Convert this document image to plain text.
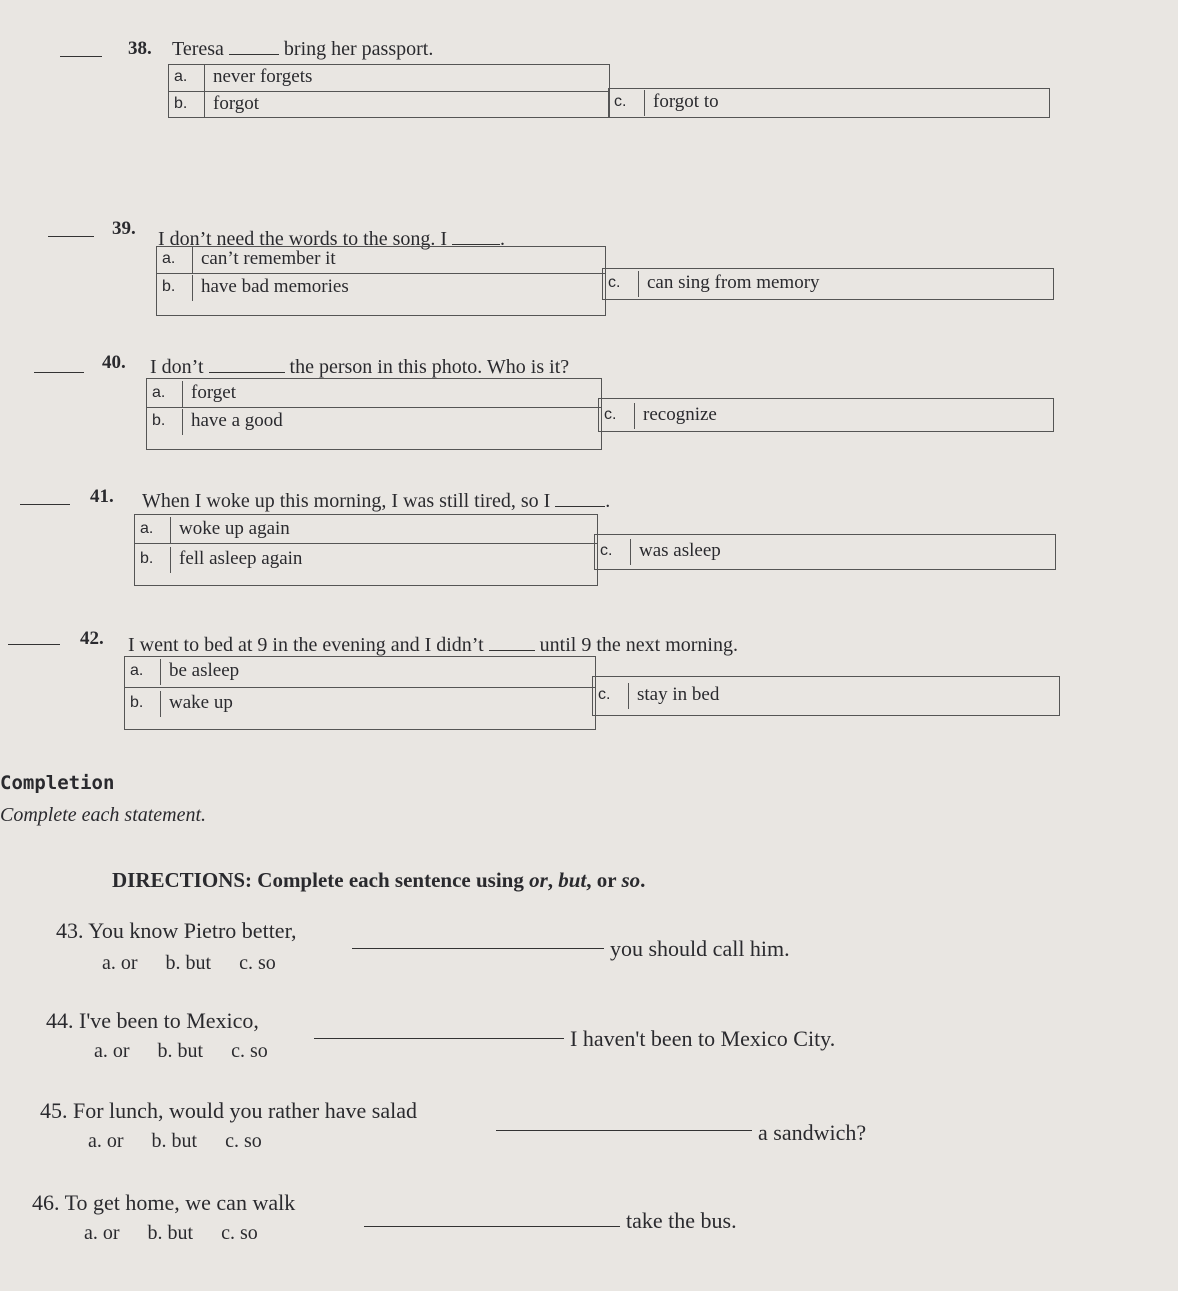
38. Teresa	bring her passport.
a.	never forgets
b.	forgot	c.	forgot to
39. I don’t need the words to the song. I	.
a.	can’t remember it
b.	have bad memories	c.	can sing from memory
40. I don’t	the person in this photo. Who is it?
a.	forget
b.	have a good	c.	recognize
41. When I woke up this morning, I was still tired, so I	.
a.	woke up again
b.	fell asleep again	c.	was asleep
42. I went to bed at 9 in the evening and I didn’t	until 9 the next morning.
a.	be asleep
b.	wake up	c.	stay in bed
Completion
Complete each statement.
DIRECTIONS: Complete each sentence using or, but, or so.
43. You know Pietro better,
you should call him.
a. or b. but c. so
44. I've been to Mexico,
I haven't been to Mexico City.
a. or b. but c. so
45. For lunch, would you rather have salad
a sandwich?
a. or b. but c. so
46. To get home, we can walk
take the bus.
a. or b. but c. so
